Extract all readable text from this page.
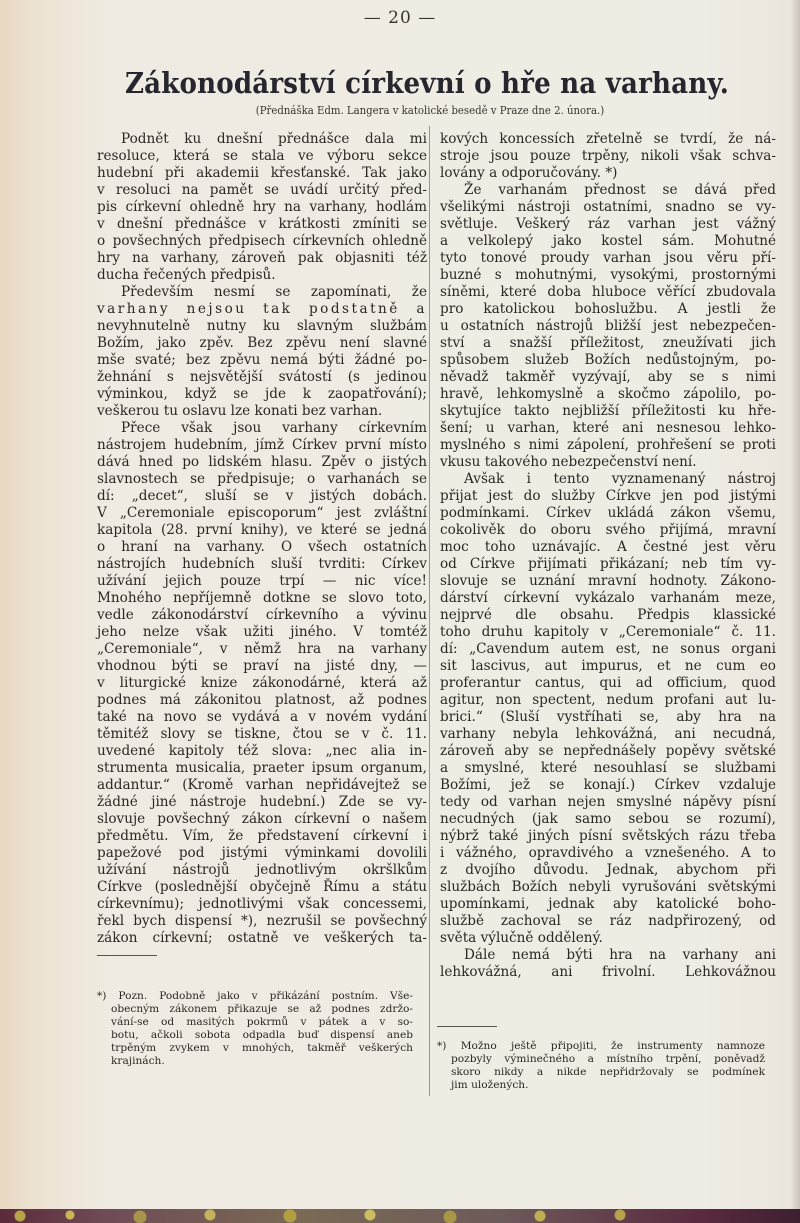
— 20 —
Zákonodárství církevní o hře na varhany.
(Přednáška Edm. Langera v katolické besedě v Praze dne 2. února.)
Podnět ku dnešní přednášce dala mi
resoluce, která se stala ve výboru sekce
hudební při akademii křesťanské. Tak jako
v resoluci na pamět se uvádí určitý před-
pis církevní ohledně hry na varhany, hodlám
v dnešní přednášce v krátkosti zmíniti se
o povšechných předpisech církevních ohledně
hry na varhany, zároveň pak objasniti též
ducha řečených předpisů.
Především nesmí se zapomínati, že
varhany nejsou tak podstatně a
nevyhnutelně nutny ku slavným službám
Božím, jako zpěv. Bez zpěvu není slavné
mše svaté; bez zpěvu nemá býti žádné po-
žehnání s nejsvětější svátostí (s jedinou
výminkou, když se jde k zaopatřování);
veškerou tu oslavu lze konati bez varhan.
Přece však jsou varhany církevním
nástrojem hudebním, jímž Církev první místo
dává hned po lidském hlasu. Zpěv o jistých
slavnostech se předpisuje; o varhanách se
dí: „decet“, sluší se v jistých dobách.
V „Ceremoniale episcoporum“ jest zvláštní
kapitola (28. první knihy), ve které se jedná
o hraní na varhany. O všech ostatních
nástrojích hudebních sluší tvrditi: Církev
užívání jejich pouze trpí — nic více!
Mnohého nepříjemně dotkne se slovo toto,
vedle zákonodárství církevního a vývinu
jeho nelze však užiti jiného. V tomtéž
„Ceremoniale“, v němž hra na varhany
vhodnou býti se praví na jisté dny, —
v liturgické knize zákonodárné, která až
podnes má zákonitou platnost, až podnes
také na novo se vydává a v novém vydání
těmitéž slovy se tiskne, čtou se v č. 11.
uvedené kapitoly též slova: „nec alia in-
strumenta musicalia, praeter ipsum organum,
addantur.“ (Kromě varhan nepřidávejtež se
žádné jiné nástroje hudební.) Zde se vy-
slovuje povšechný zákon církevní o našem
předmětu. Vím, že představení církevní i
papežové pod jistými výminkami dovolili
užívání nástrojů jednotlivým okršlkům
Církve (poslednější obyčejně Římu a státu
církevnímu); jednotlivými však concessemi,
řekl bych dispensí *), nezrušil se povšechný
zákon církevní; ostatně ve veškerých ta-
kových koncessích zřetelně se tvrdí, že ná-
stroje jsou pouze trpěny, nikoli však schva-
lovány a odporučovány. *)
Že varhanám přednost se dává před
všelikými nástroji ostatními, snadno se vy-
světluje. Veškerý ráz varhan jest vážný
a velkolepý jako kostel sám. Mohutné
tyto tonové proudy varhan jsou věru pří-
buzné s mohutnými, vysokými, prostornými
síněmi, které doba hluboce věřící zbudovala
pro katolickou bohoslužbu. A jestli že
u ostatních nástrojů bližší jest nebezpečen-
ství a snažší příležitost, zneužívati jich
spůsobem služeb Božích nedůstojným, po-
něvadž takměř vyzývají, aby se s nimi
hravě, lehkomyslně a skočmo zápolilo, po-
skytujíce takto nejbližší příležitosti ku hře-
šení; u varhan, které ani nesnesou lehko-
myslného s nimi zápolení, prohřešení se proti
vkusu takového nebezpečenství není.
Avšak i tento vyznamenaný nástroj
přijat jest do služby Církve jen pod jistými
podmínkami. Církev ukládá zákon všemu,
cokolivěk do oboru svého přijímá, mravní
moc toho uznávajíc. A čestné jest věru
od Církve přijímati přikázaní; neb tím vy-
slovuje se uznání mravní hodnoty. Zákono-
dárství církevní vykázalo varhanám meze,
nejprvé dle obsahu. Předpis klassické
toho druhu kapitoly v „Ceremoniale“ č. 11.
dí: „Cavendum autem est, ne sonus organi
sit lascivus, aut impurus, et ne cum eo
proferantur cantus, qui ad officium, quod
agitur, non spectent, nedum profani aut lu-
brici.“ (Sluší vystříhati se, aby hra na
varhany nebyla lehkovážná, ani necudná,
zároveň aby se nepřednášely popěvy světské
a smyslné, které nesouhlasí se službami
Božími, jež se konají.) Církev vzdaluje
tedy od varhan nejen smyslné nápěvy písní
necudných (jak samo sebou se rozumí),
nýbrž také jiných písní světských rázu třeba
i vážného, opravdivého a vznešeného. A to
z dvojího důvodu. Jednak, abychom při
službách Božích nebyli vyrušováni světskými
upomínkami, jednak aby katolické boho-
službě zachoval se ráz nadpřirozený, od
světa výlučně oddělený.
Dále nemá býti hra na varhany ani
lehkovážná, ani frivolní. Lehkovážnou
*) Pozn. Podobně jako v přikázání postním. Vše-
obecným zákonem přikazuje se až podnes zdržo-
vání-se od masitých pokrmů v pátek a v so-
botu, ačkoli sobota odpadla buď dispensí aneb
trpěným zvykem v mnohých, takměř veškerých
krajinách.
*) Možno ještě připojiti, že instrumenty namnoze
pozbyly výminečného a místního trpění, poněvadž
skoro nikdy a nikde nepřidržovaly se podmínek
jim uložených.
